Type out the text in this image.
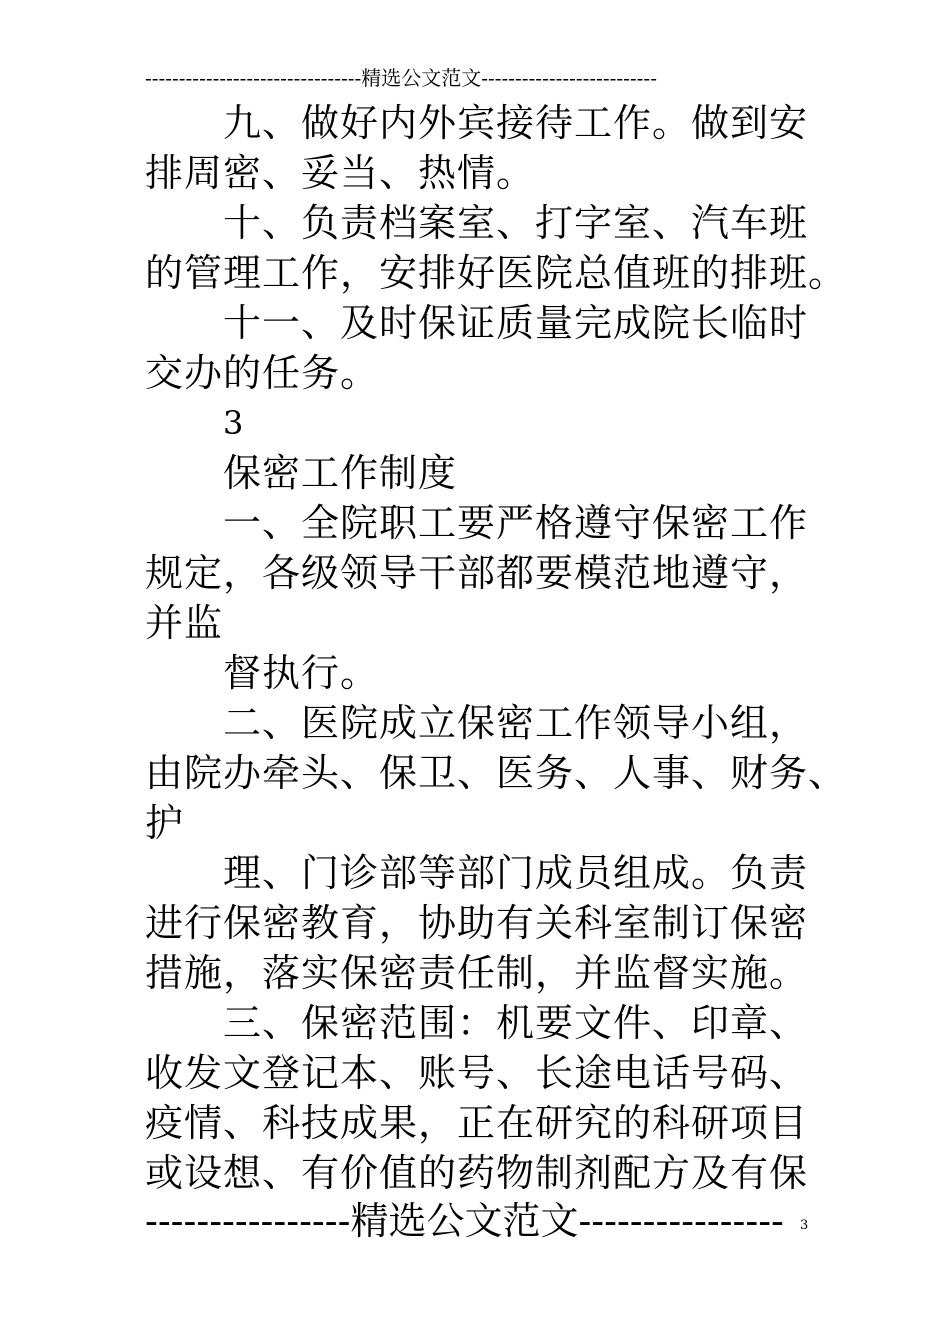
--------------------------------精选公文范文--------------------------
九、做好内外宾接待工作。做到安
排周密、妥当、热情。
十、负责档案室、打字室、汽车班
的管理工作，安排好医院总值班的排班。
十一、及时保证质量完成院长临时
交办的任务。
3
保密工作制度
一、全院职工要严格遵守保密工作
规定，各级领导干部都要模范地遵守，
并监
督执行。
二、医院成立保密工作领导小组，
由院办牵头、保卫、医务、人事、财务、
护
理、门诊部等部门成员组成。负责
进行保密教育，协助有关科室制订保密
措施，落实保密责任制，并监督实施。
三、保密范围：机要文件、印章、
收发文登记本、账号、长途电话号码、
疫情、科技成果，正在研究的科研项目
或设想、有价值的药物制剂配方及有保
----------------精选公文范文----------------	3
